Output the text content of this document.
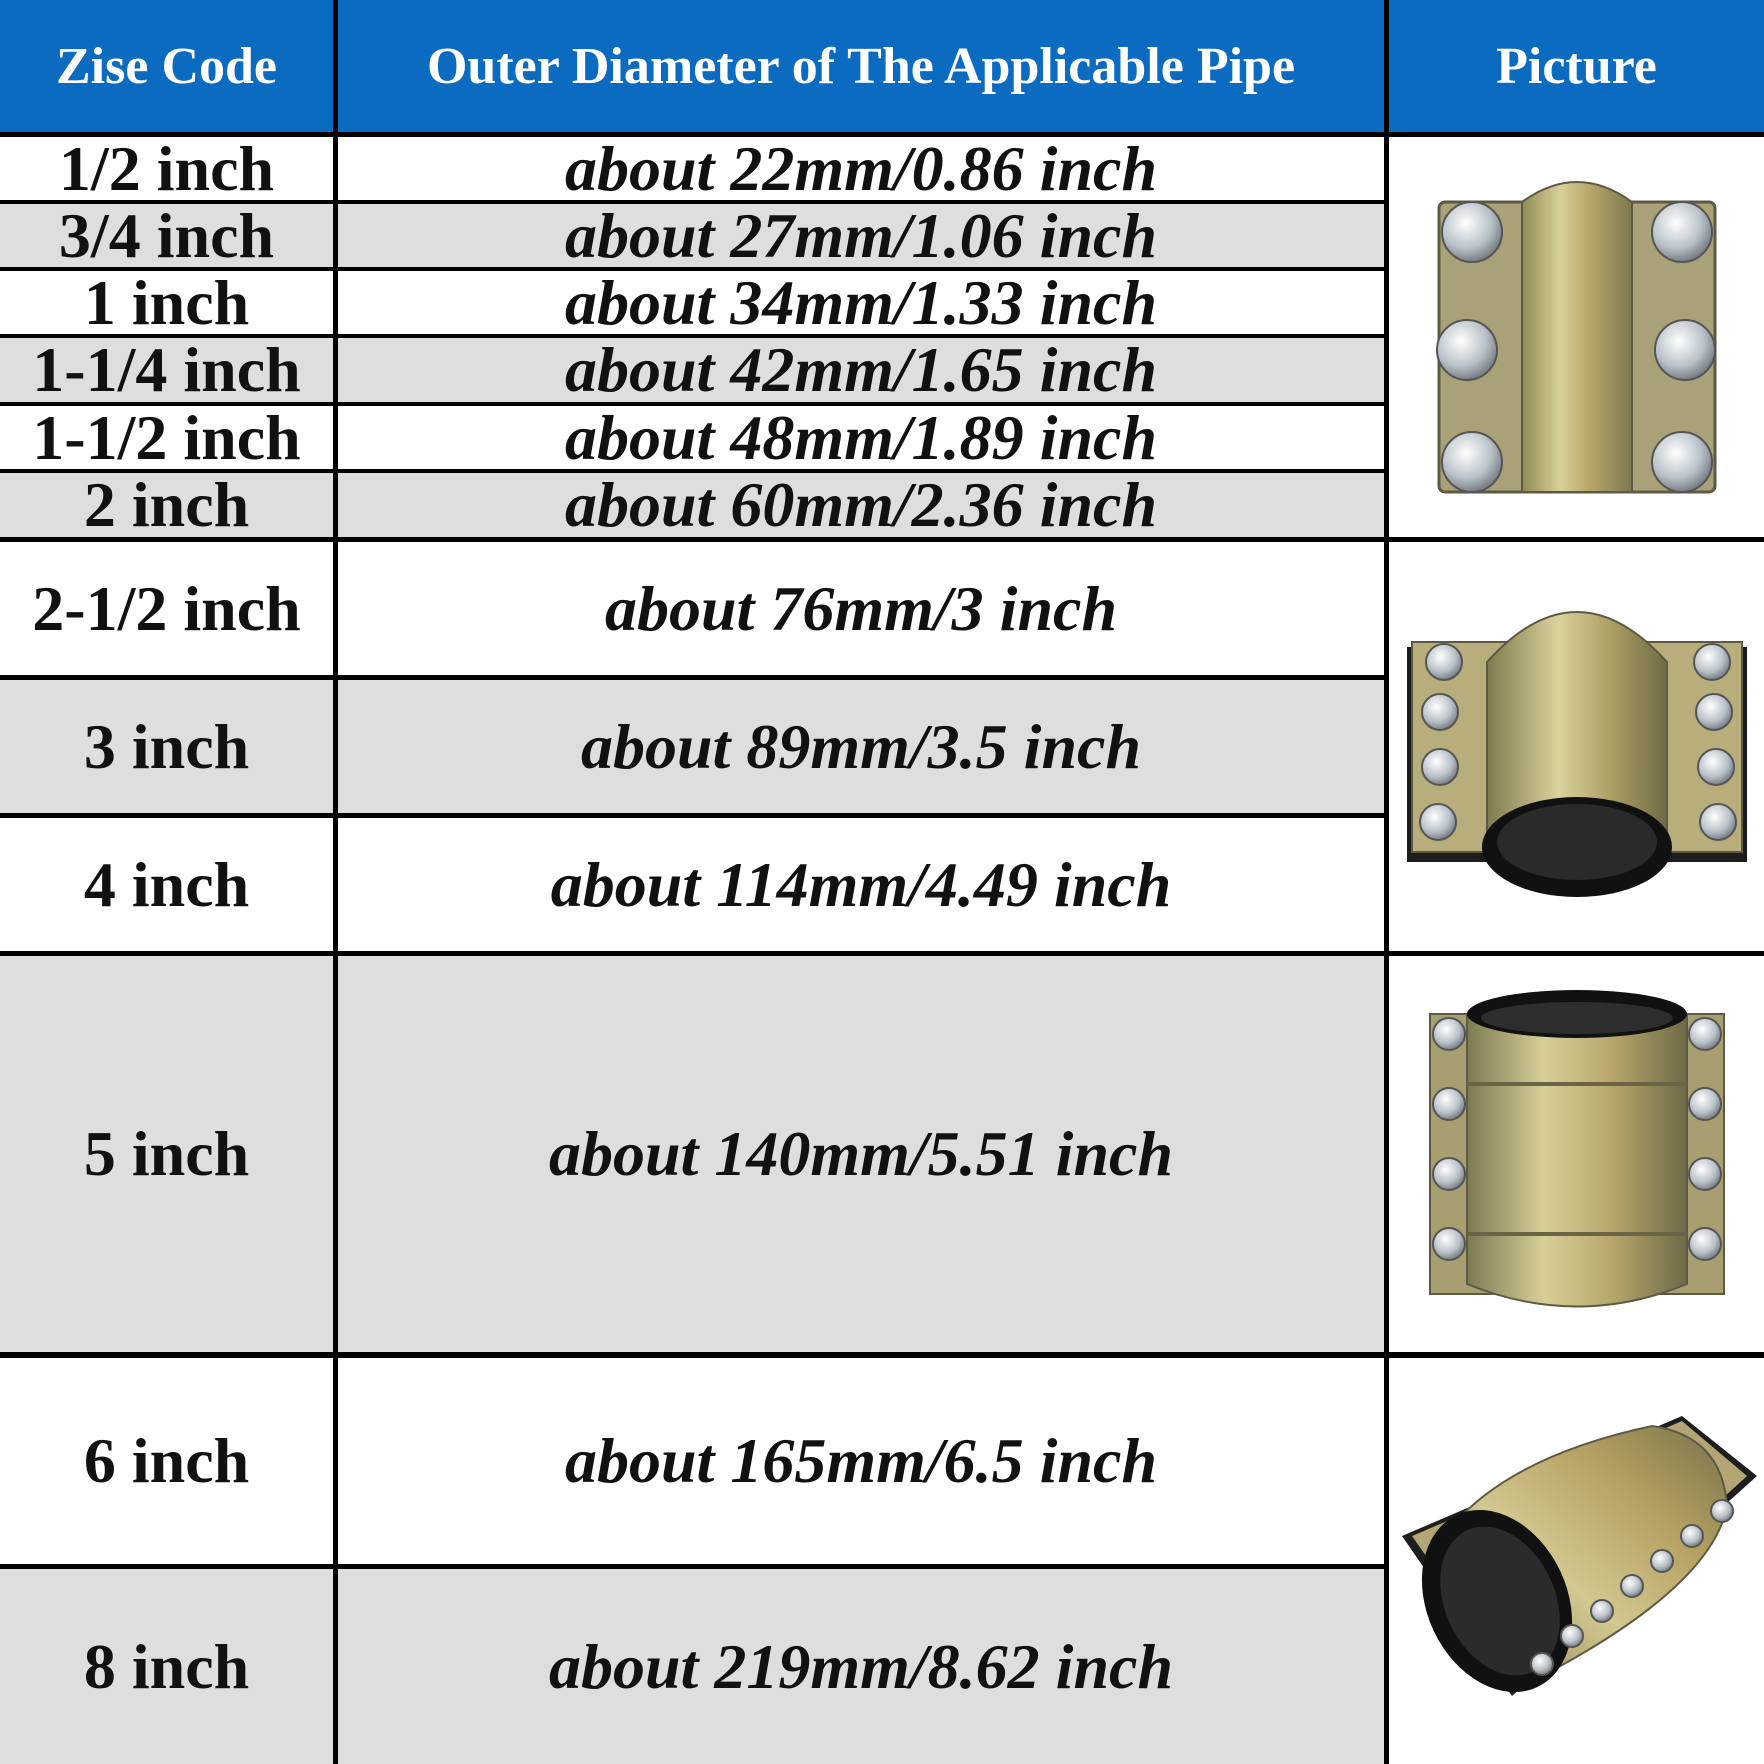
Zise Code	Outer Diameter of The Applicable Pipe	Picture
1/2 inch
3/4 inch
1 inch
1-1/4 inch
1-1/2 inch
2 inch
2-1/2 inch
3 inch
4 inch
5 inch
6 inch
8 inch
about 22mm/0.86 inch
about 27mm/1.06 inch
about 34mm/1.33 inch
about 42mm/1.65 inch
about 48mm/1.89 inch
about 60mm/2.36 inch
about 76mm/3 inch
about 89mm/3.5 inch
about 114mm/4.49 inch
about 140mm/5.51 inch
about 165mm/6.5 inch
about 219mm/8.62 inch
